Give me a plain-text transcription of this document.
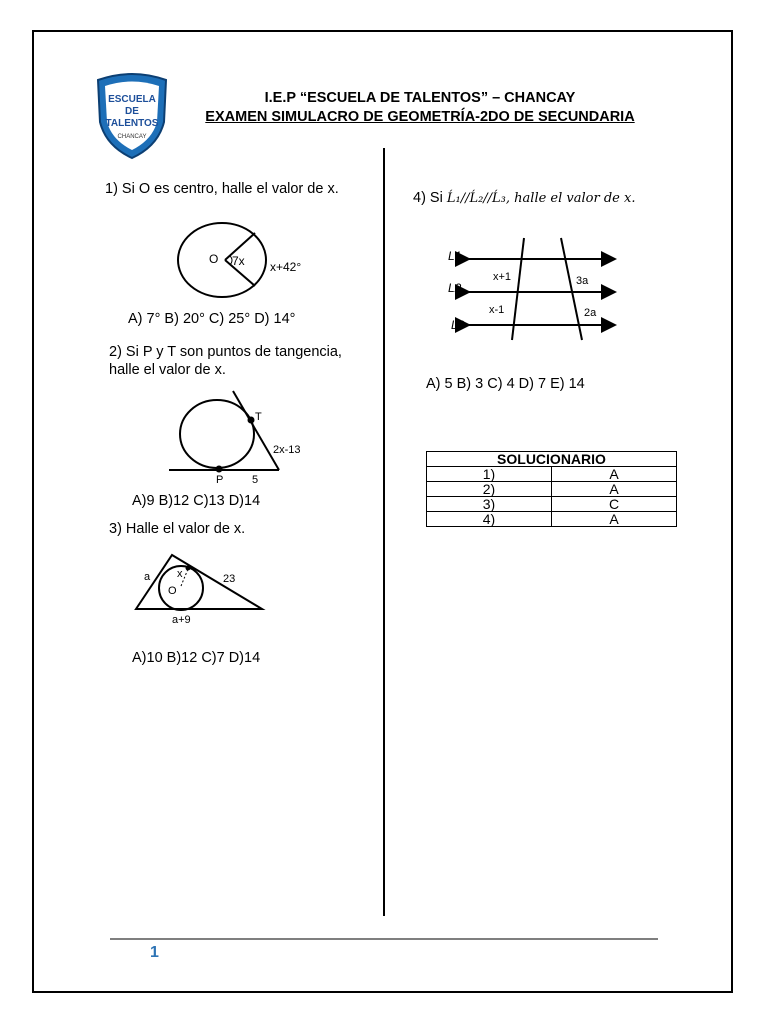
ESCUELA
DE
TALENTOS
CHANCAY
I.E.P “ESCUELA DE TALENTOS” – CHANCAY
EXAMEN SIMULACRO DE GEOMETRÍA-2DO DE SECUNDARIA
1) Si O es centro, halle el valor de x.
O 7x x+42°
A) 7° B) 20° C) 25° D) 14°
2) Si P y T son puntos de tangencia,
halle el valor de x.
T
P
2x-13
5
A)9 B)12 C)13 D)14
3) Halle el valor de x.
a x
O
23
a+9
A)10 B)12 C)7 D)14
4) Si Ĺ₁//Ĺ₂//Ĺ₃, halle el valor de x.
L1
L2
L3
x+1	3a
x-1	2a
A) 5 B) 3 C) 4 D) 7 E) 14
SOLUCIONARIO	
1)	A
2)	A
3)	C
4)	A
1
